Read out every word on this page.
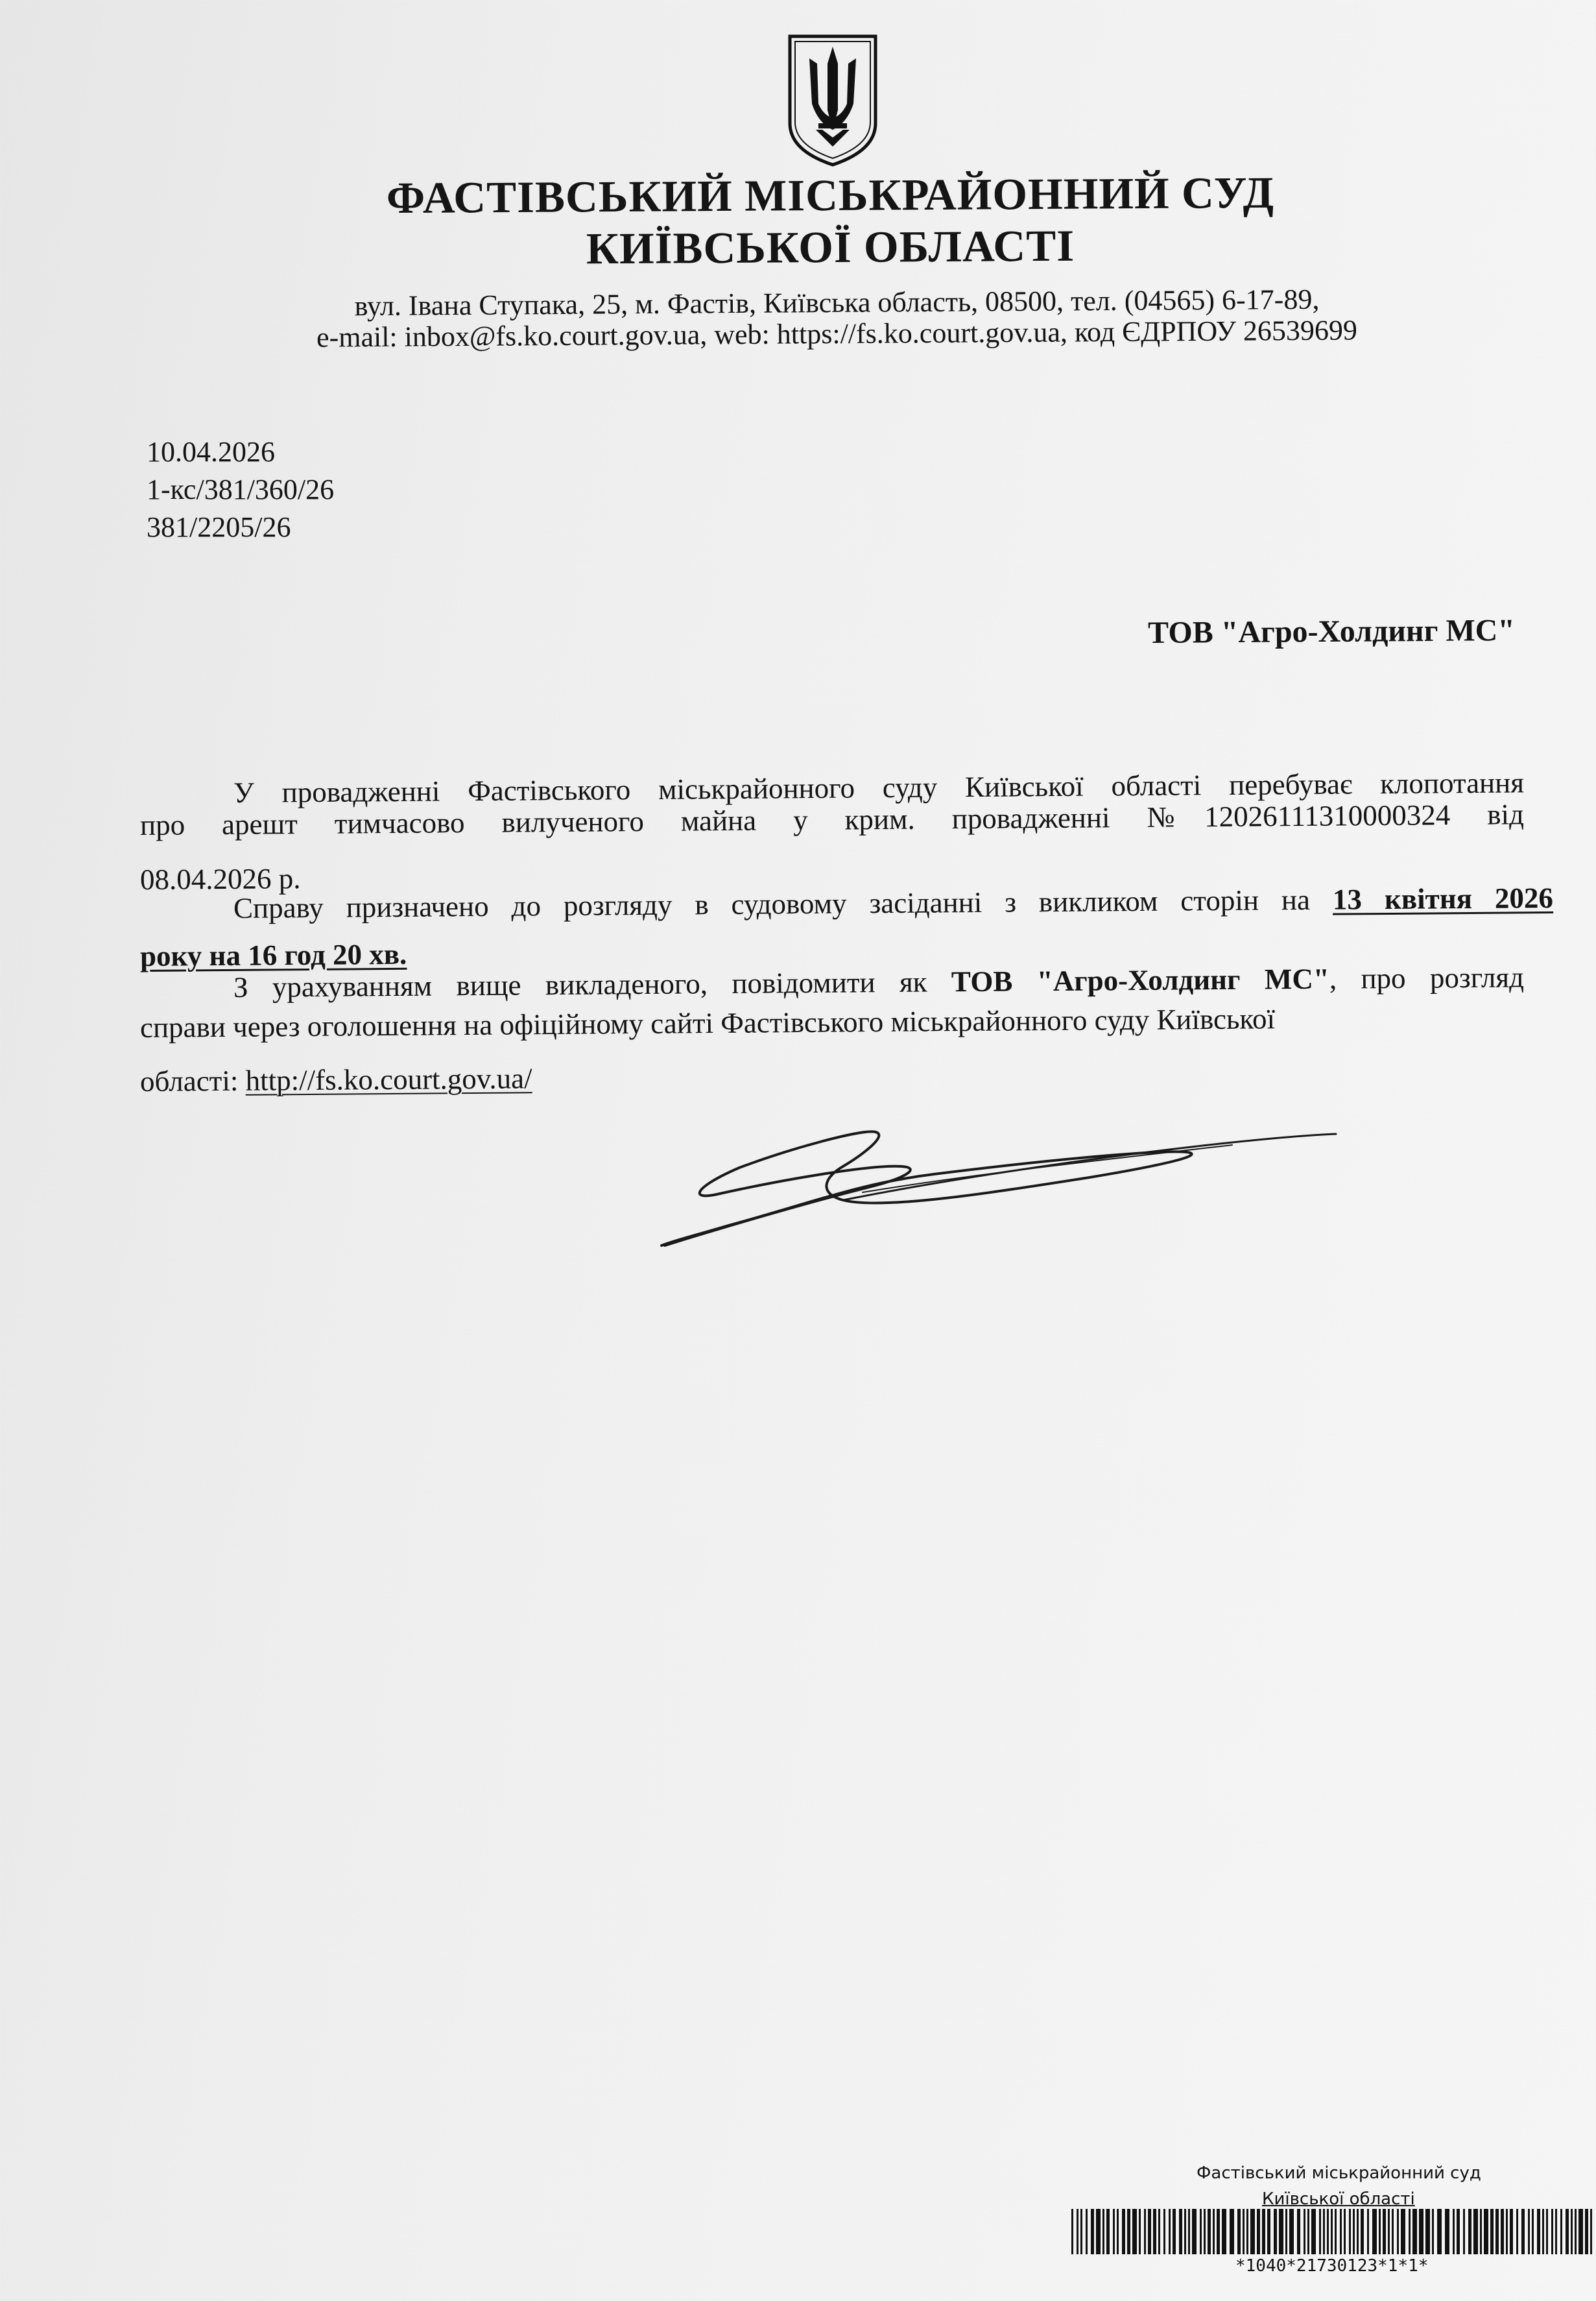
ФАСТІВСЬКИЙ МІСЬКРАЙОННИЙ СУД
КИЇВСЬКОЇ ОБЛАСТІ
вул. Івана Ступака, 25, м. Фастів, Київська область, 08500, тел. (04565) 6-17-89,
e-mail: inbox@fs.ko.court.gov.ua, web: https://fs.ko.court.gov.ua, код ЄДРПОУ 26539699
10.04.2026
1-кс/381/360/26
381/2205/26
ТОВ "Агро-Холдинг МС"
У провадженні Фастівського міськрайонного суду Київської області перебуває клопотання
про арешт тимчасово вилученого майна у крим. провадженні №12026111310000324 від
08.04.2026 р.
Справу призначено до розгляду в судовому засіданні з викликом сторін на 13 квітня 2026
року на 16 год 20 хв.
З урахуванням вище викладеного, повідомити як ТОВ "Агро-Холдинг МС", про розгляд
справи через оголошення на офіційному сайті Фастівського міськрайонного суду Київської
області: http://fs.ko.court.gov.ua/
Фастівський міськрайонний суд
Київської області
*1040*21730123*1*1*
